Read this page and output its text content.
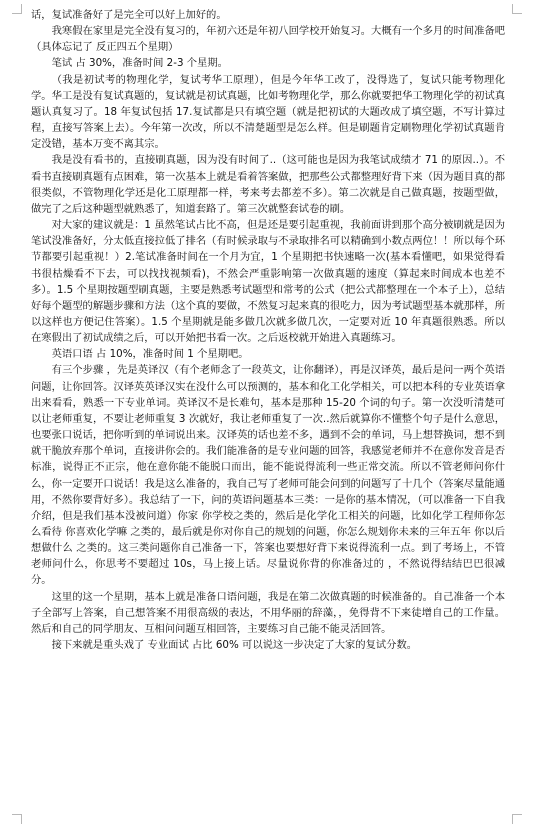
话，复试准备好了是完全可以好上加好的。

我寒假在家里是完全没有复习的，年初六还是年初八回学校开始复习。大概有一个多月的时间准备吧（具体忘记了 反正四五个星期）

笔试 占 30%，准备时间 2-3 个星期。

（我是初试考的物理化学，复试考华工原理），但是今年华工改了，没得选了，复试只能考物理化学。华工是没有复试真题的，复试就是初试真题，比如考物理化学，那么你就要把华工物理化学的初试真题认真复习了。18 年复试包括 17.复试都是只有填空题（就是把初试的大题改成了填空题，不写计算过程，直接写答案上去）。今年第一次改，所以不清楚题型是怎么样。但是刷题肯定刷物理化学初试真题肯定没错，基本万变不离其宗。

我是没有看书的，直接刷真题，因为没有时间了..（这可能也是因为我笔试成绩才 71 的原因..）。不看书直接刷真题有点困难，第一次基本上就是看着答案做，把那些公式都整理好背下来（因为题目真的都很类似，不管物理化学还是化工原理都一样，考来考去都差不多）。第二次就是自己做真题，按题型做，做完了之后这种题型就熟悉了，知道套路了。第三次就整套试卷的刷。

对大家的建议就是：1 虽然笔试占比不高，但是还是要引起重视，我前面讲到那个高分被刷就是因为笔试没准备好，分太低直接拉低了排名（有时候录取与不录取排名可以精确到小数点两位！！所以每个环节都要引起重视！）2.笔试准备时间在一个月为宜，1 个星期把书快速略一次(基本看懂吧，如果觉得看书很枯燥看不下去，可以找找视频看)，不然会严重影响第一次做真题的速度（算起来时间成本也差不多）。1.5 个星期按题型刷真题，主要是熟悉考试题型和常考的公式（把公式都整理在一个本子上），总结好每个题型的解题步骤和方法（这个真的要做，不然复习起来真的很吃力，因为考试题型基本就那样，所以这样也方便记住答案）。1.5 个星期就是能多做几次就多做几次，一定要对近 10 年真题很熟悉。所以在寒假出了初试成绩之后，可以开始把书看一次。之后返校就开始进入真题练习。

英语口语 占 10%，准备时间 1 个星期吧。

有三个步骤 ，先是英译汉（有个老师念了一段英文，让你翻译），再是汉译英，最后是问一两个英语问题，让你回答。汉译英英译汉实在没什么可以预测的，基本和化工化学相关，可以把本科的专业英语拿出来看看，熟悉一下专业单词。英译汉不是长难句，基本是那种 15-20 个词的句子。第一次没听清楚可以让老师重复，不要让老师重复 3 次就好，我让老师重复了一次..然后就算你不懂整个句子是什么意思，也要张口说话，把你听到的单词说出来。汉译英的话也差不多，遇到不会的单词，马上想替换词，想不到就干脆放弃那个单词，直接讲你会的。我们能准备的是专业问题的回答，我感觉老师并不在意你发音是否标准，说得正不正宗，他在意你能不能脱口而出，能不能说得流利一些正常交流。所以不管老师问你什么，你一定要开口说话！我是这么准备的，我自己写了老师可能会问到的问题写了十几个（答案尽量能通用，不然你要背好多）。我总结了一下，问的英语问题基本三类：一是你的基本情况，（可以准备一下自我介绍，但是我们基本没被问道）你家 你学校之类的，然后是化学化工相关的问题，比如化学工程师你怎么看待 你喜欢化学嘛 之类的，最后就是你对你自己的规划的问题，你怎么规划你未来的三年五年 你以后想做什么 之类的。这三类问题你自己准备一下，答案也要想好背下来说得流利一点。到了考场上，不管老师问什么，你思考不要超过 10s，马上接上话。尽量说你背的你准备过的 ，不然说得结结巴巴很减分。

这里的这一个星期，基本上就是准备口语问题，我是在第二次做真题的时候准备的。自己准备一个本子全部写上答案，自己想答案不用很高级的表达，不用华丽的辞藻，，免得背不下来徒增自己的工作量。然后和自己的同学朋友、互相问问题互相回答，主要练习自己能不能灵活回答。

接下来就是重头戏了 专业面试 占比 60% 可以说这一步决定了大家的复试分数。
